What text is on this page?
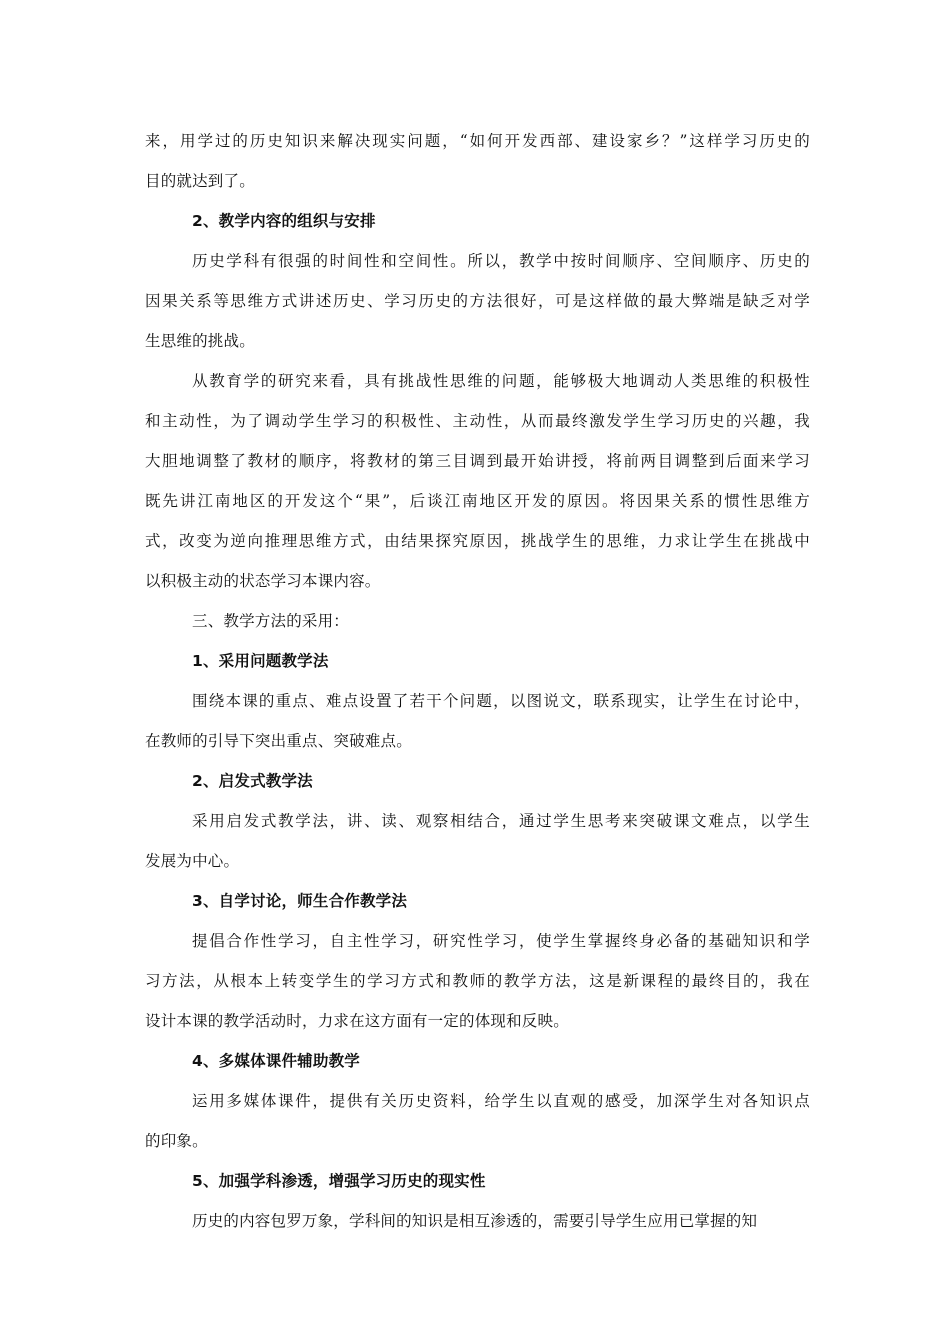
来，用学过的历史知识来解决现实问题，“如何开发西部、建设家乡？”这样学习历史的
目的就达到了。
2、教学内容的组织与安排
历史学科有很强的时间性和空间性。所以，教学中按时间顺序、空间顺序、历史的
因果关系等思维方式讲述历史、学习历史的方法很好，可是这样做的最大弊端是缺乏对学
生思维的挑战。
从教育学的研究来看，具有挑战性思维的问题，能够极大地调动人类思维的积极性
和主动性，为了调动学生学习的积极性、主动性，从而最终激发学生学习历史的兴趣，我
大胆地调整了教材的顺序，将教材的第三目调到最开始讲授，将前两目调整到后面来学习
既先讲江南地区的开发这个“果”，后谈江南地区开发的原因。将因果关系的惯性思维方
式，改变为逆向推理思维方式，由结果探究原因，挑战学生的思维，力求让学生在挑战中
以积极主动的状态学习本课内容。
三、教学方法的采用：
1、采用问题教学法
围绕本课的重点、难点设置了若干个问题，以图说文，联系现实，让学生在讨论中，
在教师的引导下突出重点、突破难点。
2、启发式教学法
采用启发式教学法，讲、读、观察相结合，通过学生思考来突破课文难点，以学生
发展为中心。
3、自学讨论，师生合作教学法
提倡合作性学习，自主性学习，研究性学习，使学生掌握终身必备的基础知识和学
习方法，从根本上转变学生的学习方式和教师的教学方法，这是新课程的最终目的，我在
设计本课的教学活动时，力求在这方面有一定的体现和反映。
4、多媒体课件辅助教学
运用多媒体课件，提供有关历史资料，给学生以直观的感受，加深学生对各知识点
的印象。
5、加强学科渗透，增强学习历史的现实性
历史的内容包罗万象，学科间的知识是相互渗透的，需要引导学生应用已掌握的知
